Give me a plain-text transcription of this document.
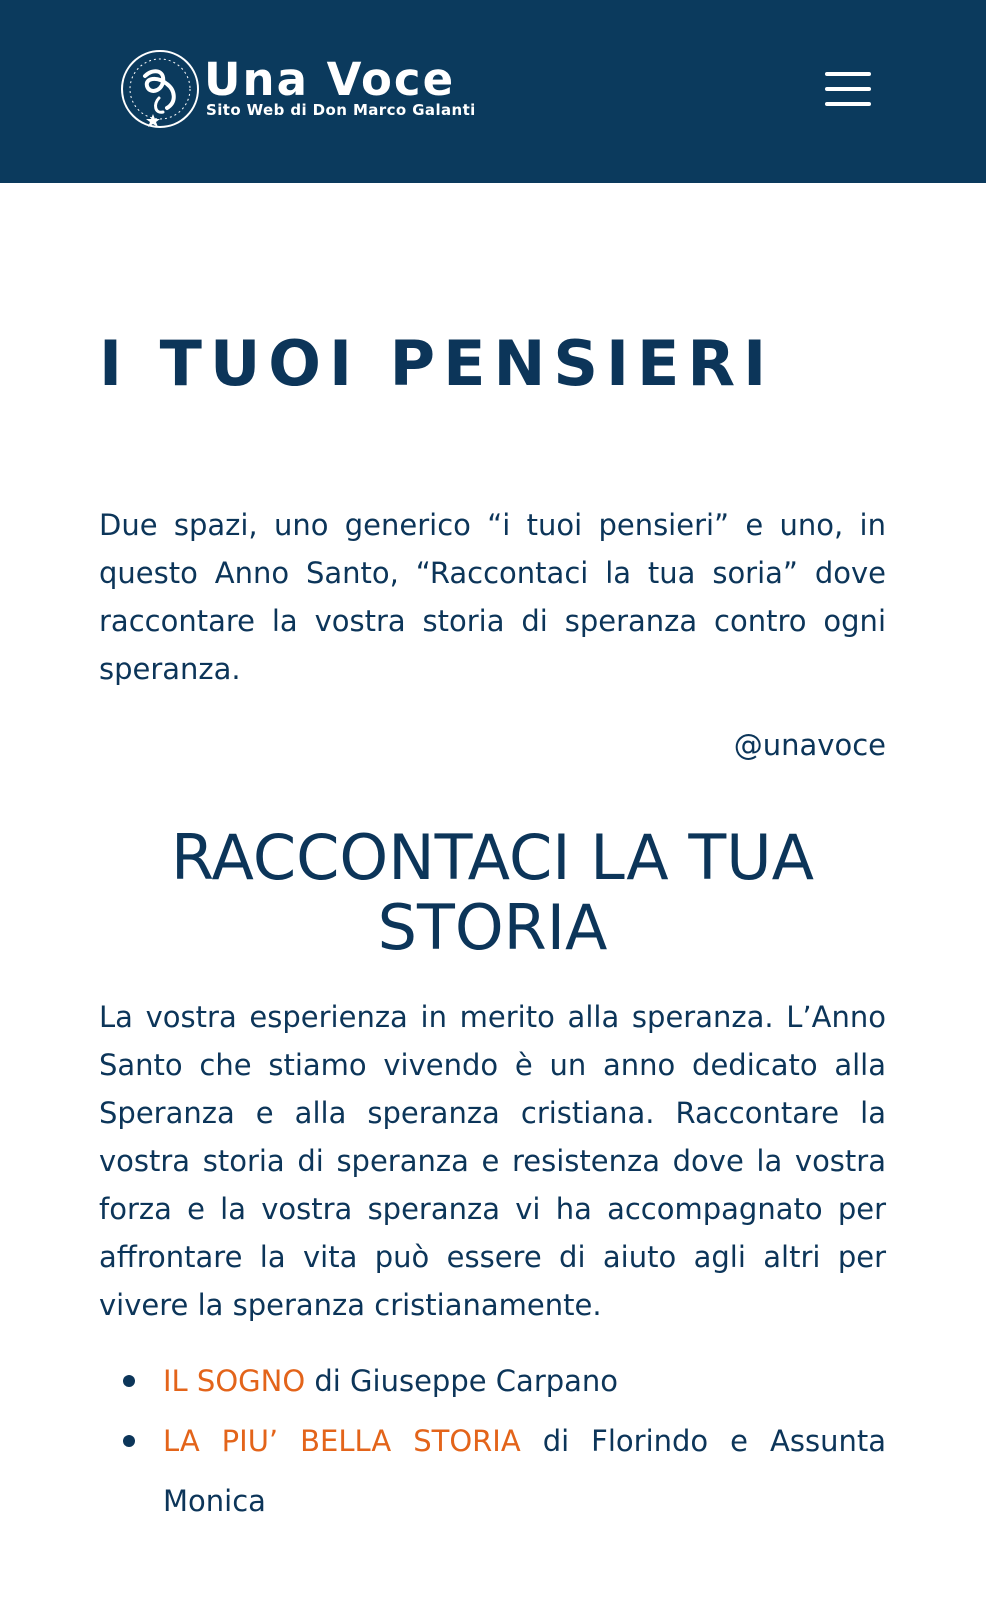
Una Voce
Sito Web di Don Marco Galanti
I TUOI PENSIERI

Due spazi, uno generico “i tuoi pensieri” e uno, in questo Anno Santo, “Raccontaci la tua soria” dove raccontare la vostra storia di speranza contro ogni speranza.

@unavoce

RACCONTACI LA TUA STORIA

La vostra esperienza in merito alla speranza. L’Anno Santo che stiamo vivendo è un anno dedicato alla Speranza e alla speranza cristiana. Raccontare la vostra storia di speranza e resistenza dove la vostra forza e la vostra speranza vi ha accompagnato per affrontare la vita può essere di aiuto agli altri per vivere la speranza cristianamente.

IL SOGNO di Giuseppe Carpano
LA PIU’ BELLA STORIA di Florindo e Assunta Monica
